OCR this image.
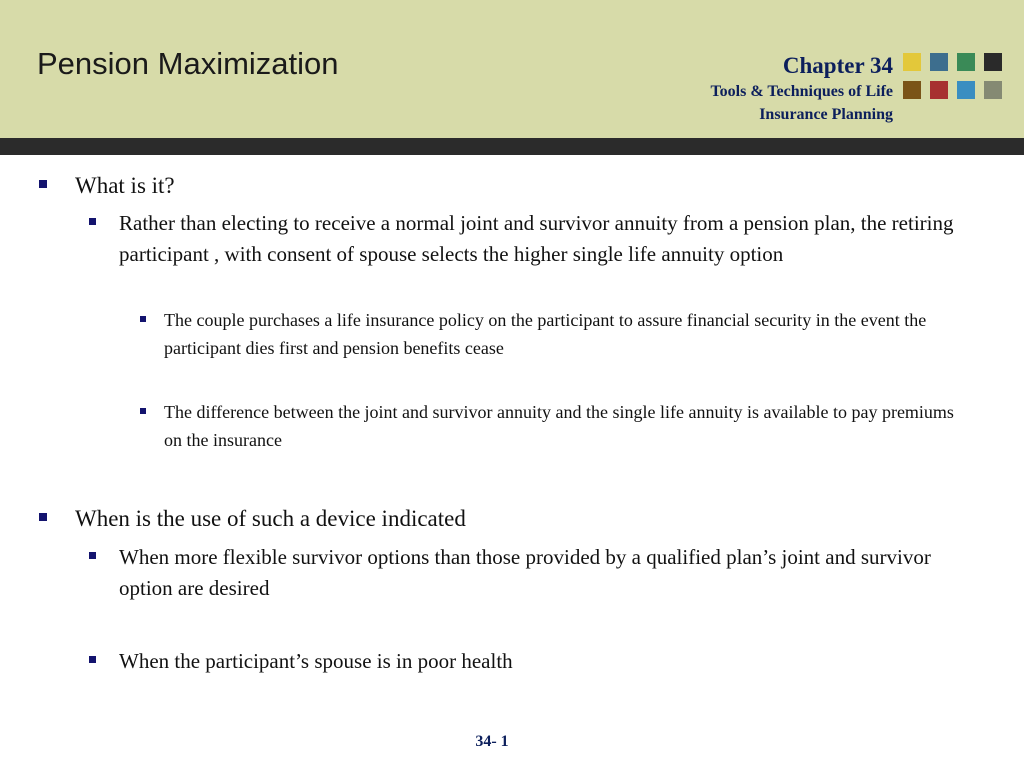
Pension Maximization	Chapter 34
Tools & Techniques of Life
Insurance Planning
What is it?
Rather than electing to receive a normal joint and survivor annuity from a pension plan, the retiring participant , with consent of spouse selects the higher single life annuity option
The couple purchases a life insurance policy on the participant to assure financial security in the event the participant dies first and pension benefits cease
The difference between the joint and survivor annuity and the single life annuity is available to pay premiums on the insurance
When is the use of such a device indicated
When more flexible survivor options than those provided by a qualified plan’s joint and survivor option are desired
When the participant’s spouse is in poor health
34- 1
